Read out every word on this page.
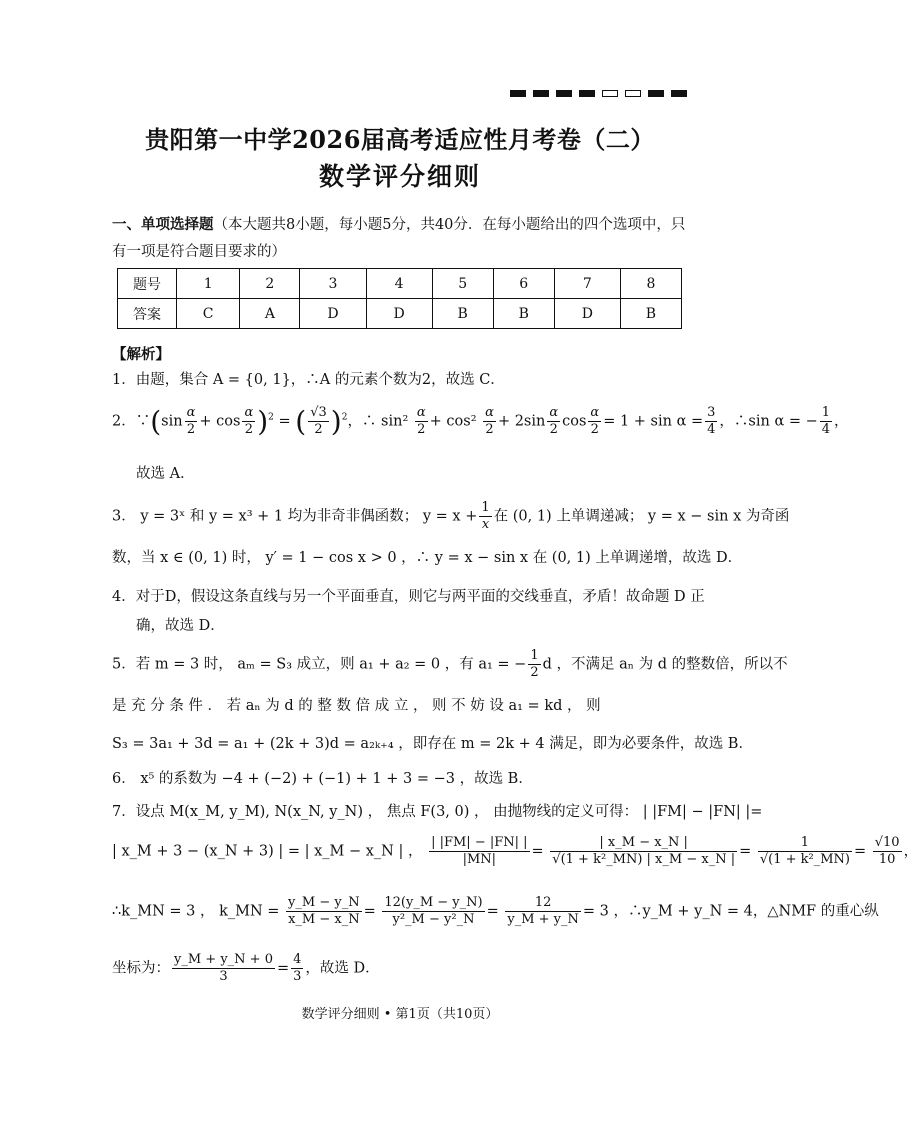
贵阳第一中学2026届高考适应性月考卷（二）
数学评分细则
一、单项选择题（本大题共8小题，每小题5分，共40分．在每小题给出的四个选项中，只有一项是符合题目要求的）
题号	1	2	3	4	5	6	7	8
答案	C	A	D	D	B	B	D	B
【解析】
1．由题，集合 A = {0, 1}，∴A 的元素个数为2，故选 C．
2．∵(sin $\frac{\alpha}{2} + \cos \frac{\alpha}{2} )^2$ = ( $\frac{√3}{2} )^2$，∴ $\sin^2 \frac{\alpha}{2} + \cos^2 \frac{\alpha}{2} + 2\sin \frac{\alpha}{2}$ $\cos \frac{\alpha}{2} = 1 + \sin \alpha = \frac{3}{4}$ ，∴sin α = − $\frac{1}{4}$ ，
故选 A．
3． y = 3ˣ 和 y = x³ + 1 均为非奇非偶函数； $y = x + \frac{1}{x}$ 在 (0, 1) 上单调递减； y = x − sin x 为奇函
数，当 x ∈ (0, 1) 时， y′ = 1 − cos x > 0 ，∴ y = x − sin x 在 (0, 1) 上单调递增，故选 D．
4．对于D，假设这条直线与另一个平面垂直，则它与两平面的交线垂直，矛盾！故命题 D 正
确，故选 D．
5．若 m = 3 时， aₘ = S₃ 成立，则 a₁ + a₂ = 0 ，有 a₁ = − $\frac{1}{2}$ d ，不满足 aₙ 为 d 的整数倍，所以不
是 充 分 条 件 ． 若 aₙ 为 d 的 整 数 倍 成 立 ， 则 不 妨 设 a₁ = kd ， 则
S₃ = 3a₁ + 3d = a₁ + (2k + 3)d = a₂ₖ₊₄ ，即存在 m = 2k + 4 满足，即为必要条件，故选 B．
6． x⁵ 的系数为 −4 + (−2) + (−1) + 1 + 3 = −3 ，故选 B．
7．设点 M(x_M, y_M), N(x_N, y_N) ， 焦点 F(3, 0) ， 由抛物线的定义可得： | |FM| − |FN| |=
| x_M + 3 − (x_N + 3) | = | x_M − x_N | ， $\frac{| |FM| - |FN| |}{|MN|} = \frac{| x\_M - x\_N |}{\text{√(1 + k²\_MN) | x\_M − x\_N |}} = \frac{1}{\text{√(1 + k²\_MN)}} = \frac{√10}{10}$ ，
∴k_MN = 3 ， k_MN = $\frac{y\_M - y\_N}{x\_M - x\_N} = \frac{12(y\_M - y\_N)}{\text{y²\_M − y²\_N}} = \frac{12}{y\_M + y\_N} = 3$ ，∴y_M + y_N = 4，△NMF 的重心纵
坐标为： $\frac{y\_M + y\_N + 0}{3} = \frac{4}{3}$ ，故选 D．
数学评分细则 • 第1页（共10页）
